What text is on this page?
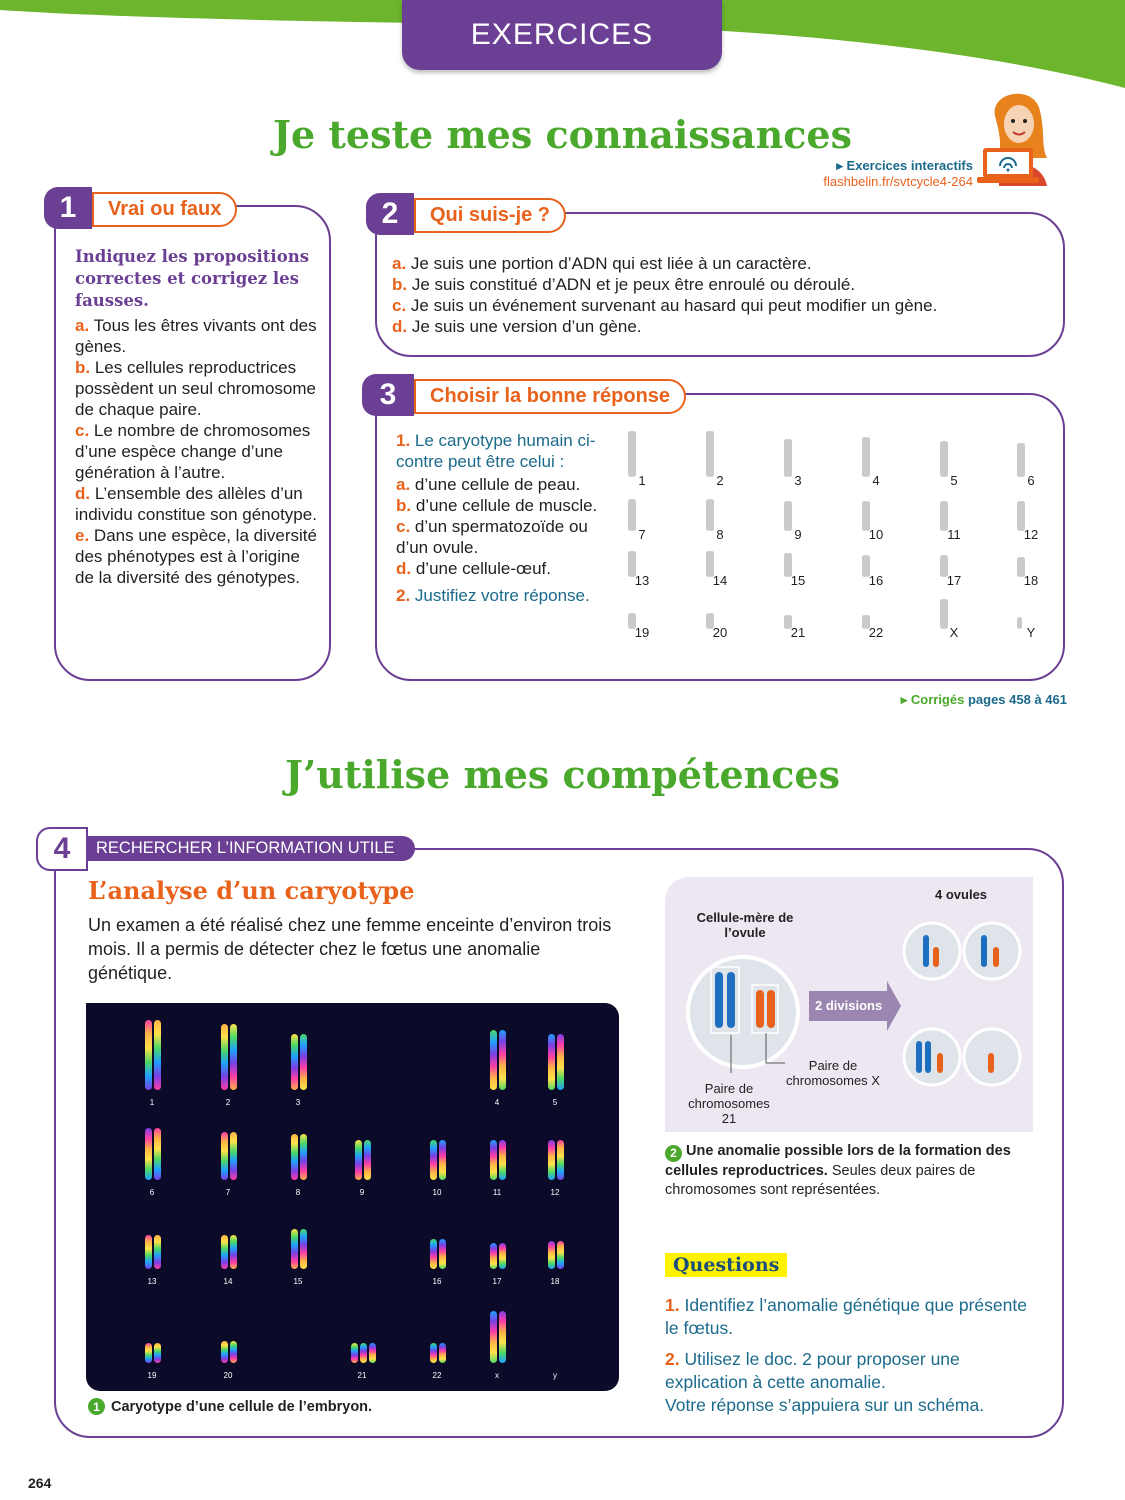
EXERCICES
Je teste mes connaissances
▸ Exercices interactifs
flashbelin.fr/svtcycle4-264
1	Vrai ou faux
Indiquez les propositions correctes et corrigez les fausses.
a. Tous les êtres vivants ont des gènes.
b. Les cellules reproductrices possèdent un seul chromosome de chaque paire.
c. Le nombre de chromosomes d’une espèce change d’une génération à l’autre.
d. L’ensemble des allèles d’un individu constitue son génotype.
e. Dans une espèce, la diversité des phénotypes est à l’origine de la diversité des génotypes.
2	Qui suis-je ?
a. Je suis une portion d’ADN qui est liée à un caractère.
b. Je suis constitué d’ADN et je peux être enroulé ou déroulé.
c. Je suis un événement survenant au hasard qui peut modifier un gène.
d. Je suis une version d’un gène.
3	Choisir la bonne réponse
1. Le caryotype humain ci-contre peut être celui :
a. d’une cellule de peau.
b. d’une cellule de muscle.
c. d’un spermatozoïde ou d’un ovule.
d. d’une cellule-œuf.
2. Justifiez votre réponse.
1	2	3	4	5	6
7	8	9	10	11	12
13	14	15	16	17	18
19	20	21	22	X	Y
▸ Corrigés pages 458 à 461
J’utilise mes compétences
4	RECHERCHER L’INFORMATION UTILE
L’analyse d’un caryotype
Un examen a été réalisé chez une femme enceinte d’environ trois mois. Il a permis de détecter chez le fœtus une anomalie génétique.
1	2	3	4	5
6	7	8	9	10	11	12
13	14	15	16	17	18
19	20	21	22	x	y
1 Caryotype d’une cellule de l’embryon.
4 ovules
Cellule-mère de l’ovule
2 divisions
Paire de chromosomes 21
Paire de chromosomes X
2 Une anomalie possible lors de la formation des cellules reproductrices. Seules deux paires de chromosomes sont représentées.
Questions
1. Identifiez l’anomalie génétique que présente le fœtus.
2. Utilisez le doc. 2 pour proposer une explication à cette anomalie.
Votre réponse s’appuiera sur un schéma.
264
